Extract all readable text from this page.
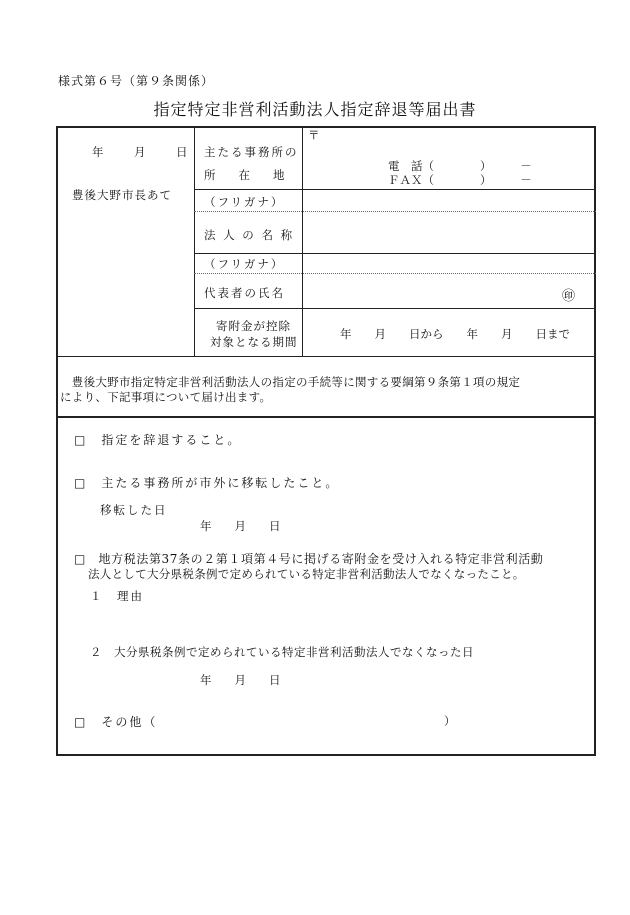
様式第６号（第９条関係）
指定特定非営利活動法人指定辞退等届出書
年 月 日
豊後大野市長あて
主たる事務所の
所　　在　　地
（フリガナ）
法 人 の 名 称
（フリガナ）
代表者の氏名
寄附金が控除
対象となる期間
〒
電　話（　　　　）　　　－
ＦＡＸ（　　　　）　　　－
㊞
年　　月　　日から　　年　　月　　日まで
　豊後大野市指定特定非営利活動法人の指定の手続等に関する要綱第９条第１項の規定
により、下記事項について届け出ます。
□　指定を辞退すること。
□　主たる事務所が市外に移転したこと。
移転した日
年　　月　　日
□　地方税法第37条の２第１項第４号に掲げる寄附金を受け入れる特定非営利活動
法人として大分県税条例で定められている特定非営利活動法人でなくなったこと。
１　理由
２　大分県税条例で定められている特定非営利活動法人でなくなった日
年　　月　　日
□　その他（	）
